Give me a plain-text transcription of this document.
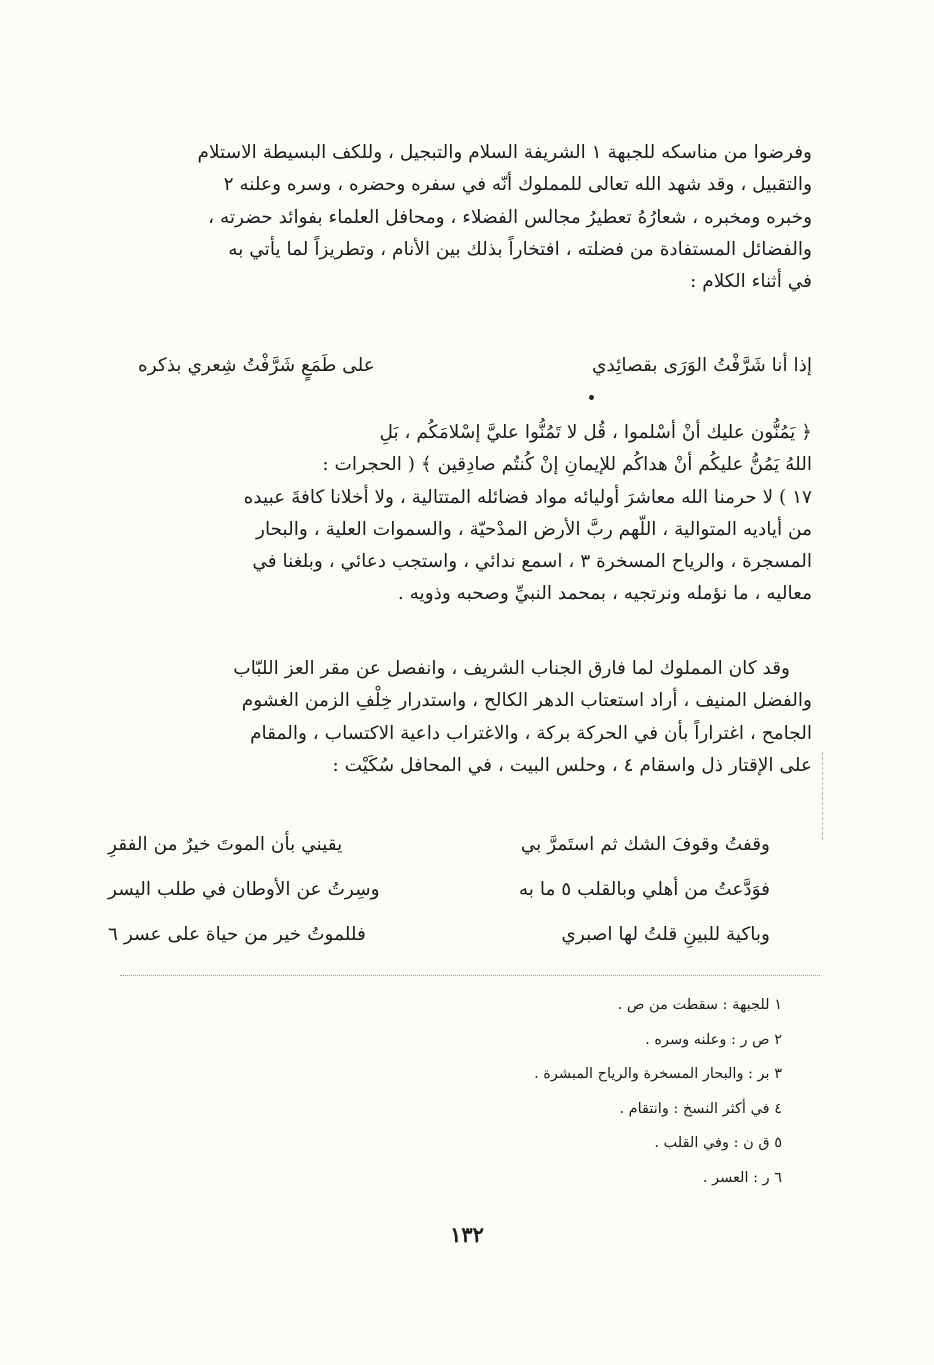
وفرضوا من مناسكه للجبهة ١ الشريفة السلام والتبجيل ، وللكف البسيطة الاستلام
والتقبيل ، وقد شهد الله تعالى للمملوك أنّه في سفره وحضره ، وسره وعلنه ٢
وخبره ومخبره ، شعارُهُ تعطيرُ مجالس الفضلاء ، ومحافل العلماء بفوائد حضرته ،
والفضائل المستفادة من فضلته ، افتخاراً بذلك بين الأنام ، وتطريزاً لما يأتي به
في أثناء الكلام :

إذا أنا شَرَّفْتُ الوَرَى بقصائِدي
على طَمَعٍ شَرَّفْتُ شِعري بذكره

﴿ يَمُنُّون عليك أنْ أسْلموا ، قُل لا تَمُنُّوا عليَّ إسْلامَكُم ، بَلِ
اللهُ يَمُنُّ عليكُم أنْ هداكُم للإيمانِ إنْ كُنتُم صادِقين ﴾ ( الحجرات :
١٧ ) لا حرمنا الله معاشرَ أوليائه مواد فضائله المتتالية ، ولا أخلانا كافةَ عبيده
من أياديه المتوالية ، اللّهم ربَّ الأرض المدْحيّة ، والسموات العلية ، والبحار
المسجرة ، والرياح المسخرة ٣ ، اسمع ندائي ، واستجب دعائي ، وبلغنا في
معاليه ، ما نؤمله ونرتجيه ، بمحمد النبيِّ وصحبه وذويه .

وقد كان المملوك لما فارق الجناب الشريف ، وانفصل عن مقر العز اللبّاب
والفضل المنيف ، أراد استعتاب الدهر الكالح ، واستدرار خِلْفِ الزمن الغشوم
الجامح ، اغتراراً بأن في الحركة بركة ، والاغتراب داعية الاكتساب ، والمقام
على الإقتار ذل واسقام ٤ ، وحلس البيت ، في المحافل سُكَيْت :

وقفتُ وقوفَ الشك ثم استَمرَّ بي
يقيني بأن الموتَ خيرٌ من الفقرِ
فوَدَّعتُ من أهلي وبالقلب ٥ ما به
وسِرتُ عن الأوطان في طلب اليسر
وباكية للبينِ قلتُ لها اصبري
فللموتُ خير من حياة على عسر ٦
١ للجبهة : سقطت من ص .
٢ ص ر : وعلنه وسره .
٣ بر : والبحار المسخرة والرياح المبشرة .
٤ في أكثر النسخ : وانتقام .
٥ ق ن : وفي القلب .
٦ ر : العسر .
١٣٢
